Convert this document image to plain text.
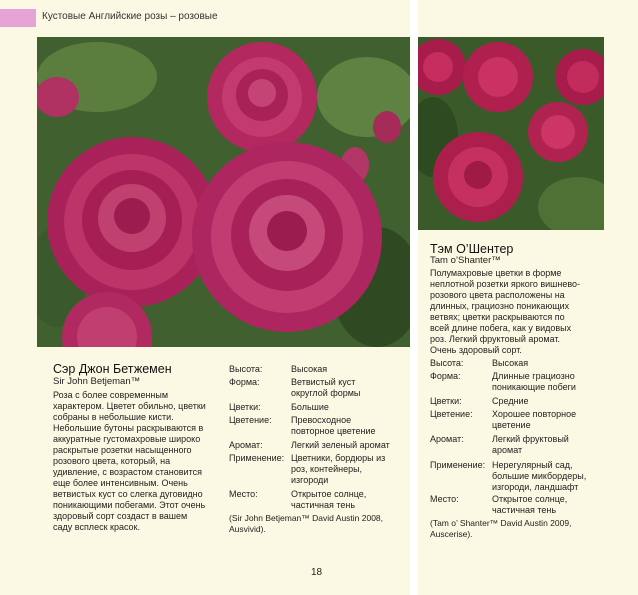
Кустовые Английские розы – розовые
Сэр Джон Бетжемен
Sir John Betjeman™
Роза с более современным
характером. Цветет обильно, цветки
собраны в небольшие кисти.
Небольшие бутоны раскрываются в
аккуратные густомахровые широко
раскрытые розетки насыщенного
розового цвета, который, на
удивление, с возрастом становится
еще более интенсивным. Очень
ветвистых куст со слегка дуговидно
поникающими побегами. Этот очень
здоровый сорт создаст в вашем
саду всплеск красок.
Высота:	Высокая
Форма:	Ветвистый куст
округлой формы
Цветки:	Большие
Цветение: Превосходное
повторное цветение
Аромат:	Легкий зеленый аромат
Применение: Цветники, бордюры из
роз, контейнеры,
изгороди
Место:	Открытое солнце,
частичная тень
(Sir John Betjeman™ David Austin 2008,
Ausvivid).
Тэм О’Шентер
Tam o’Shanter™
Полумахровые цветки в форме
неплотной розетки яркого вишнево-
розового цвета расположены на
длинных, грациозно поникающих
ветвях; цветки раскрываются по
всей длине побега, как у видовых
роз. Легкий фруктовый аромат.
Очень здоровый сорт.
Высота:	Высокая
Форма:	Длинные грациозно
поникающие побеги
Цветки:	Средние
Цветение: Хорошее повторное
цветение
Аромат:	Легкий фруктовый
аромат
Применение: Нерегулярный сад,
большие микбордеры,
изгороди, ландшафт
Место:	Открытое солнце,
частичная тень
(Tam o’ Shanter™ David Austin 2009,
Auscerise).
18
